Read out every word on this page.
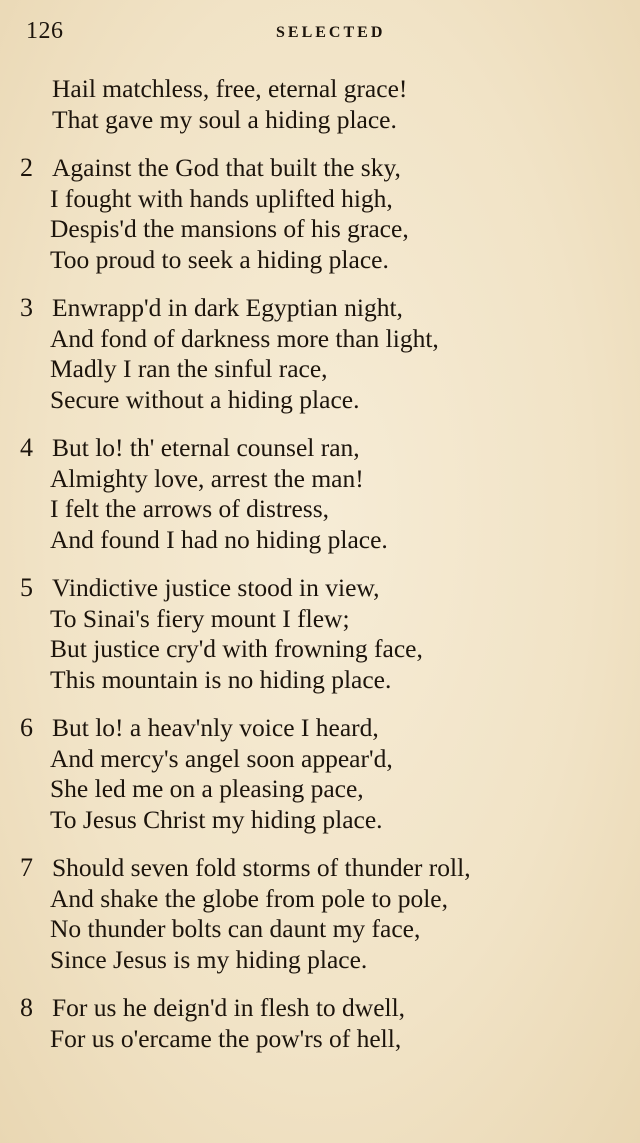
126	SELECTED
Hail matchless, free, eternal grace!
That gave my soul a hiding place.
2 Against the God that built the sky,
I fought with hands uplifted high,
Despis'd the mansions of his grace,
Too proud to seek a hiding place.
3 Enwrapp'd in dark Egyptian night,
And fond of darkness more than light,
Madly I ran the sinful race,
Secure without a hiding place.
4 But lo! th' eternal counsel ran,
Almighty love, arrest the man!
I felt the arrows of distress,
And found I had no hiding place.
5 Vindictive justice stood in view,
To Sinai's fiery mount I flew;
But justice cry'd with frowning face,
This mountain is no hiding place.
6 But lo! a heav'nly voice I heard,
And mercy's angel soon appear'd,
She led me on a pleasing pace,
To Jesus Christ my hiding place.
7 Should seven fold storms of thunder roll,
And shake the globe from pole to pole,
No thunder bolts can daunt my face,
Since Jesus is my hiding place.
8 For us he deign'd in flesh to dwell,
For us o'ercame the pow'rs of hell,
